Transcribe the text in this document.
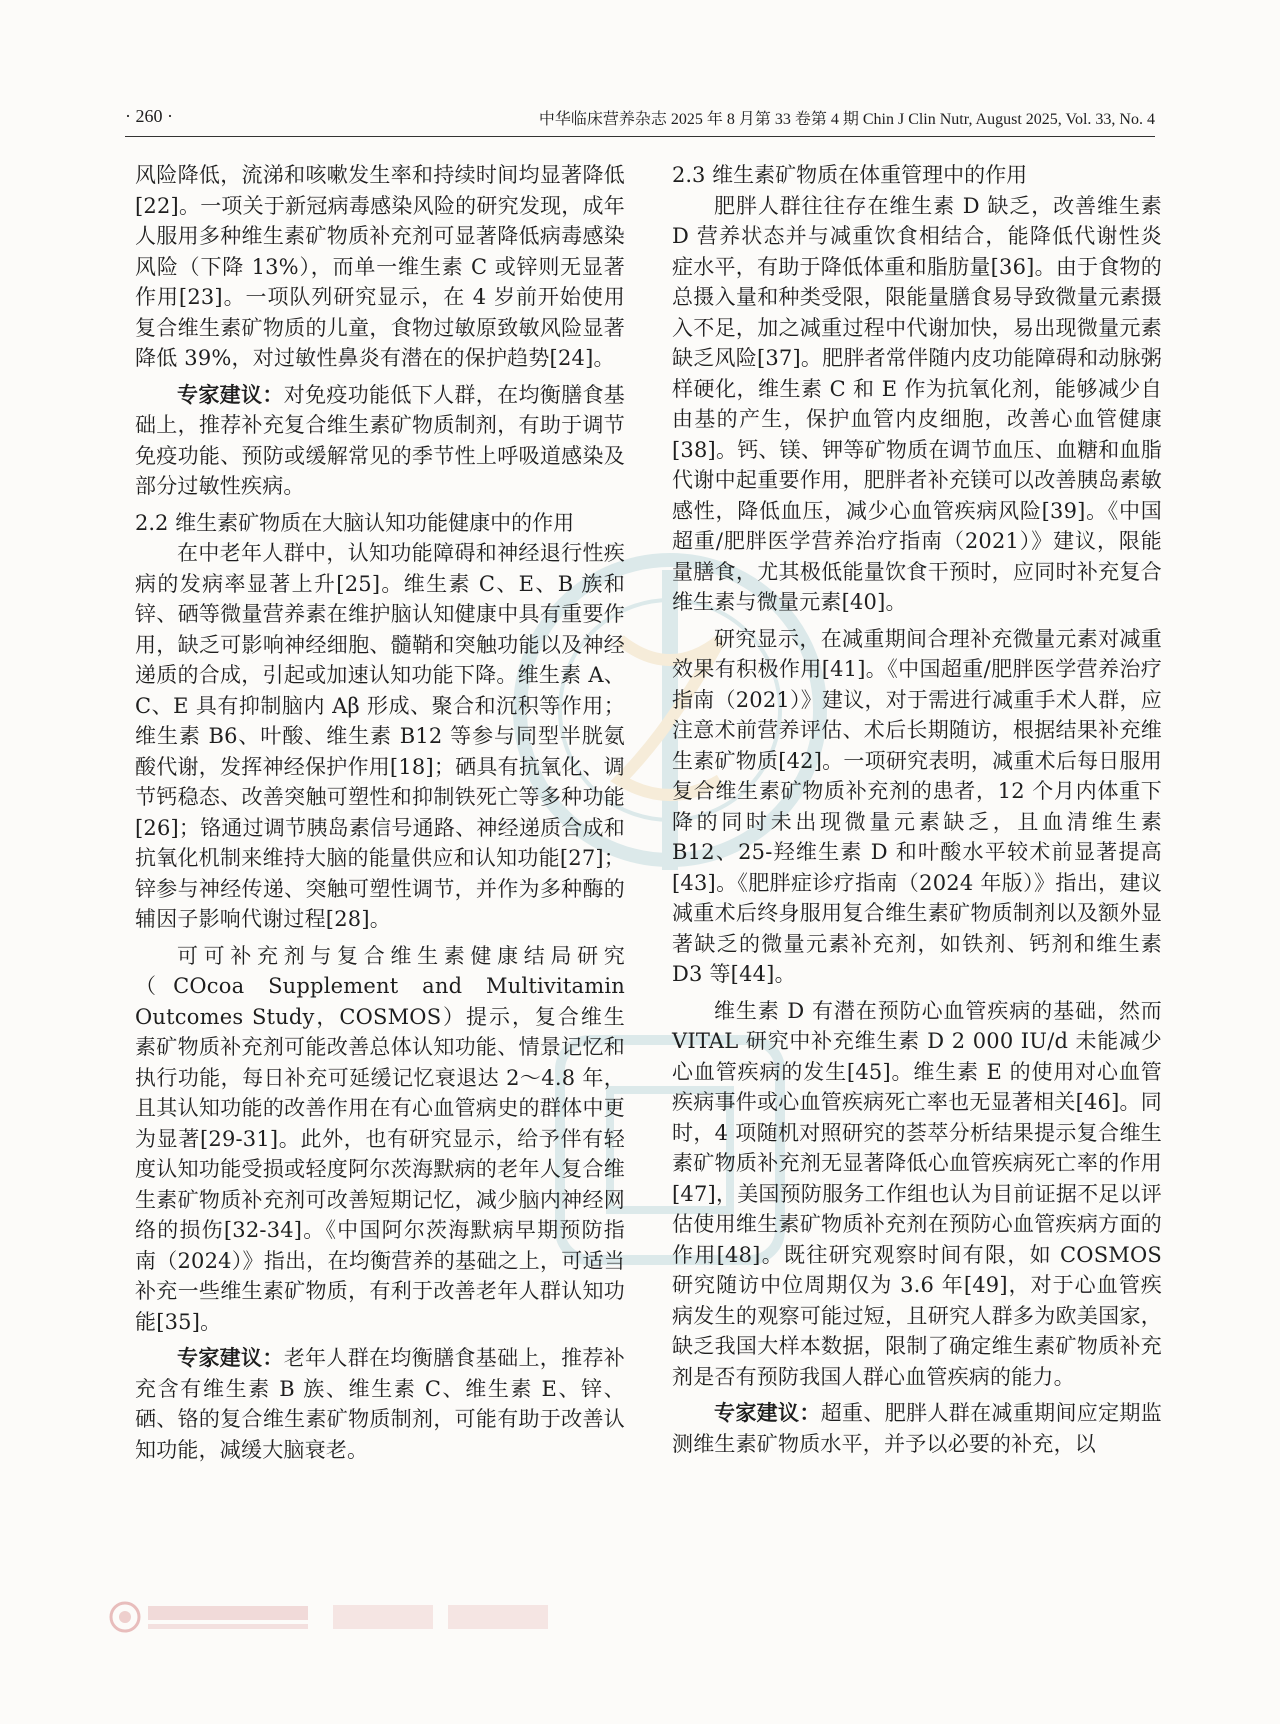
· 260 ·	中华临床营养杂志 2025 年 8 月第 33 卷第 4 期 Chin J Clin Nutr, August 2025, Vol. 33, No. 4

风险降低，流涕和咳嗽发生率和持续时间均显著降低[22]。一项关于新冠病毒感染风险的研究发现，成年人服用多种维生素矿物质补充剂可显著降低病毒感染风险（下降 13%），而单一维生素 C 或锌则无显著作用[23]。一项队列研究显示，在 4 岁前开始使用复合维生素矿物质的儿童，食物过敏原致敏风险显著降低 39%，对过敏性鼻炎有潜在的保护趋势[24]。

专家建议：对免疫功能低下人群，在均衡膳食基础上，推荐补充复合维生素矿物质制剂，有助于调节免疫功能、预防或缓解常见的季节性上呼吸道感染及部分过敏性疾病。

2.2 维生素矿物质在大脑认知功能健康中的作用

在中老年人群中，认知功能障碍和神经退行性疾病的发病率显著上升[25]。维生素 C、E、B 族和锌、硒等微量营养素在维护脑认知健康中具有重要作用，缺乏可影响神经细胞、髓鞘和突触功能以及神经递质的合成，引起或加速认知功能下降。维生素 A、C、E 具有抑制脑内 Aβ 形成、聚合和沉积等作用；维生素 B6、叶酸、维生素 B12 等参与同型半胱氨酸代谢，发挥神经保护作用[18]；硒具有抗氧化、调节钙稳态、改善突触可塑性和抑制铁死亡等多种功能[26]；铬通过调节胰岛素信号通路、神经递质合成和抗氧化机制来维持大脑的能量供应和认知功能[27]；锌参与神经传递、突触可塑性调节，并作为多种酶的辅因子影响代谢过程[28]。

可可补充剂与复合维生素健康结局研究（COcoa Supplement and Multivitamin Outcomes Study，COSMOS）提示，复合维生素矿物质补充剂可能改善总体认知功能、情景记忆和执行功能，每日补充可延缓记忆衰退达 2～4.8 年，且其认知功能的改善作用在有心血管病史的群体中更为显著[29-31]。此外，也有研究显示，给予伴有轻度认知功能受损或轻度阿尔茨海默病的老年人复合维生素矿物质补充剂可改善短期记忆，减少脑内神经网络的损伤[32-34]。《中国阿尔茨海默病早期预防指南（2024）》指出，在均衡营养的基础之上，可适当补充一些维生素矿物质，有利于改善老年人群认知功能[35]。

专家建议：老年人群在均衡膳食基础上，推荐补充含有维生素 B 族、维生素 C、维生素 E、锌、硒、铬的复合维生素矿物质制剂，可能有助于改善认知功能，减缓大脑衰老。

2.3 维生素矿物质在体重管理中的作用

肥胖人群往往存在维生素 D 缺乏，改善维生素 D 营养状态并与减重饮食相结合，能降低代谢性炎症水平，有助于降低体重和脂肪量[36]。由于食物的总摄入量和种类受限，限能量膳食易导致微量元素摄入不足，加之减重过程中代谢加快，易出现微量元素缺乏风险[37]。肥胖者常伴随内皮功能障碍和动脉粥样硬化，维生素 C 和 E 作为抗氧化剂，能够减少自由基的产生，保护血管内皮细胞，改善心血管健康[38]。钙、镁、钾等矿物质在调节血压、血糖和血脂代谢中起重要作用，肥胖者补充镁可以改善胰岛素敏感性，降低血压，减少心血管疾病风险[39]。《中国超重/肥胖医学营养治疗指南（2021）》建议，限能量膳食，尤其极低能量饮食干预时，应同时补充复合维生素与微量元素[40]。

研究显示，在减重期间合理补充微量元素对减重效果有积极作用[41]。《中国超重/肥胖医学营养治疗指南（2021）》建议，对于需进行减重手术人群，应注意术前营养评估、术后长期随访，根据结果补充维生素矿物质[42]。一项研究表明，减重术后每日服用复合维生素矿物质补充剂的患者，12 个月内体重下降的同时未出现微量元素缺乏，且血清维生素 B12、25-羟维生素 D 和叶酸水平较术前显著提高[43]。《肥胖症诊疗指南（2024 年版）》指出，建议减重术后终身服用复合维生素矿物质制剂以及额外显著缺乏的微量元素补充剂，如铁剂、钙剂和维生素 D3 等[44]。

维生素 D 有潜在预防心血管疾病的基础，然而 VITAL 研究中补充维生素 D 2 000 IU/d 未能减少心血管疾病的发生[45]。维生素 E 的使用对心血管疾病事件或心血管疾病死亡率也无显著相关[46]。同时，4 项随机对照研究的荟萃分析结果提示复合维生素矿物质补充剂无显著降低心血管疾病死亡率的作用[47]，美国预防服务工作组也认为目前证据不足以评估使用维生素矿物质补充剂在预防心血管疾病方面的作用[48]。既往研究观察时间有限，如 COSMOS 研究随访中位周期仅为 3.6 年[49]，对于心血管疾病发生的观察可能过短，且研究人群多为欧美国家，缺乏我国大样本数据，限制了确定维生素矿物质补充剂是否有预防我国人群心血管疾病的能力。

专家建议：超重、肥胖人群在减重期间应定期监测维生素矿物质水平，并予以必要的补充，以
